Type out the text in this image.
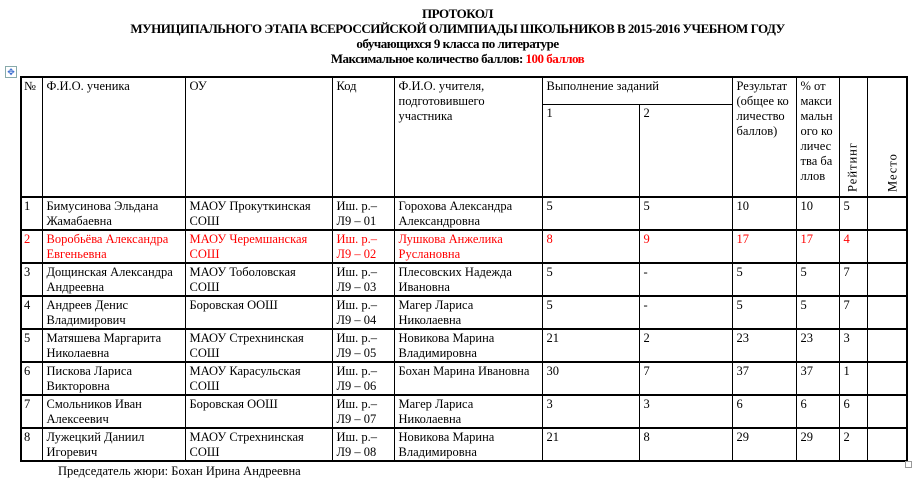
ПРОТОКОЛ
МУНИЦИПАЛЬНОГО ЭТАПА ВСЕРОССИЙСКОЙ ОЛИМПИАДЫ ШКОЛЬНИКОВ В 2015-2016 УЧЕБНОМ ГОДУ
обучающихся 9 класса по литературе
Максимальное количество баллов: 100 баллов
✥
№	Ф.И.О. ученика	ОУ	Код	Ф.И.О. учителя, подготовившего участника	Выполнение заданий		Результат (общее количество баллов)	% от максимального количества баллов	Рейтинг	Место
					1	2				
1	Бимусинова Эльдана Жамабаевна	МАОУ Прокуткинская СОШ	Иш. р.– Л9 – 01	Горохова Александра Александровна	5	5	10	10	5	
2	Воробьёва Александра Евгеньевна	МАОУ Черемшанская СОШ	Иш. р.– Л9 – 02	Лушкова Анжелика Руслановна	8	9	17	17	4	
3	Дощинская Александра Андреевна	МАОУ Тоболовская СОШ	Иш. р.– Л9 – 03	Плесовских Надежда Ивановна	5	-	5	5	7	
4	Андреев Денис Владимирович	Боровская ООШ	Иш. р.– Л9 – 04	Магер Лариса Николаевна	5	-	5	5	7	
5	Матяшева Маргарита Николаевна	МАОУ Стрехнинская СОШ	Иш. р.– Л9 – 05	Новикова Марина Владимировна	21	2	23	23	3	
6	Пискова Лариса Викторовна	МАОУ Карасульская СОШ	Иш. р.– Л9 – 06	Бохан Марина Ивановна	30	7	37	37	1	
7	Смольников Иван Алексеевич	Боровская ООШ	Иш. р.– Л9 – 07	Магер Лариса Николаевна	3	3	6	6	6	
8	Лужецкий Даниил Игоревич	МАОУ Стрехнинская СОШ	Иш. р.– Л9 – 08	Новикова Марина Владимировна	21	8	29	29	2	
Председатель жюри: Бохан Ирина Андреевна
